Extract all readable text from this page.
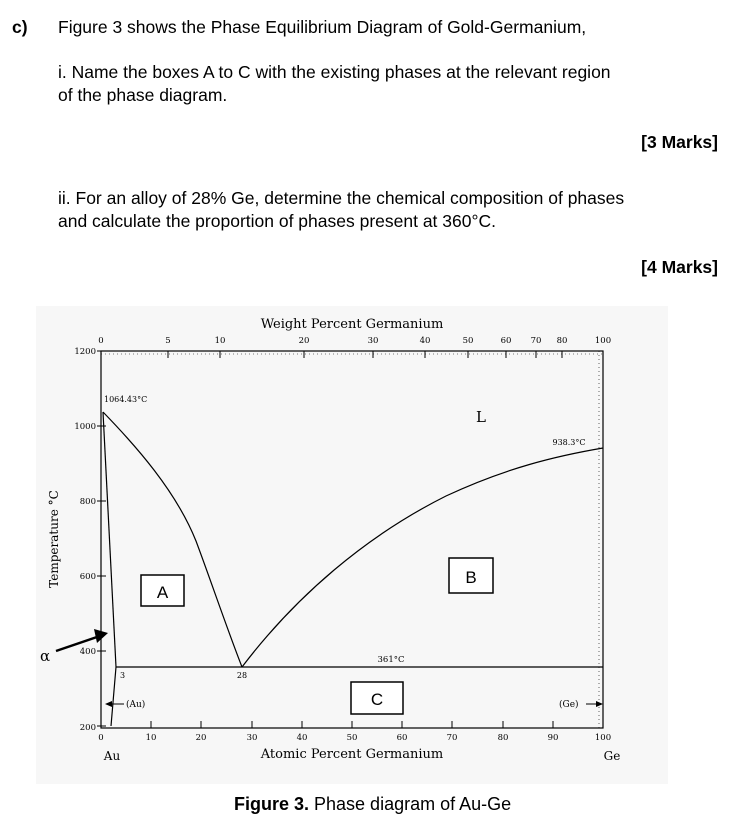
c) Figure 3 shows the Phase Equilibrium Diagram of Gold-Germanium,
i. Name the boxes A to C with the existing phases at the relevant region
of the phase diagram.
[3 Marks]
ii. For an alloy of 28% Ge, determine the chemical composition of phases
and calculate the proportion of phases present at 360°C.
[4 Marks]
Weight Percent Germanium
0	5	10	20	30	40	50	60 70 80	100
1200
1000
800
600
400
200
Temperature °C
0	10	20	30	40	50	60	70	80	90	100
Atomic Percent Germanium
Au	Ge
1064.43°C
938.3°C
L
361°C
28
3
(Au)	(Ge)
α
A
B
C
Figure 3. Phase diagram of Au-Ge
